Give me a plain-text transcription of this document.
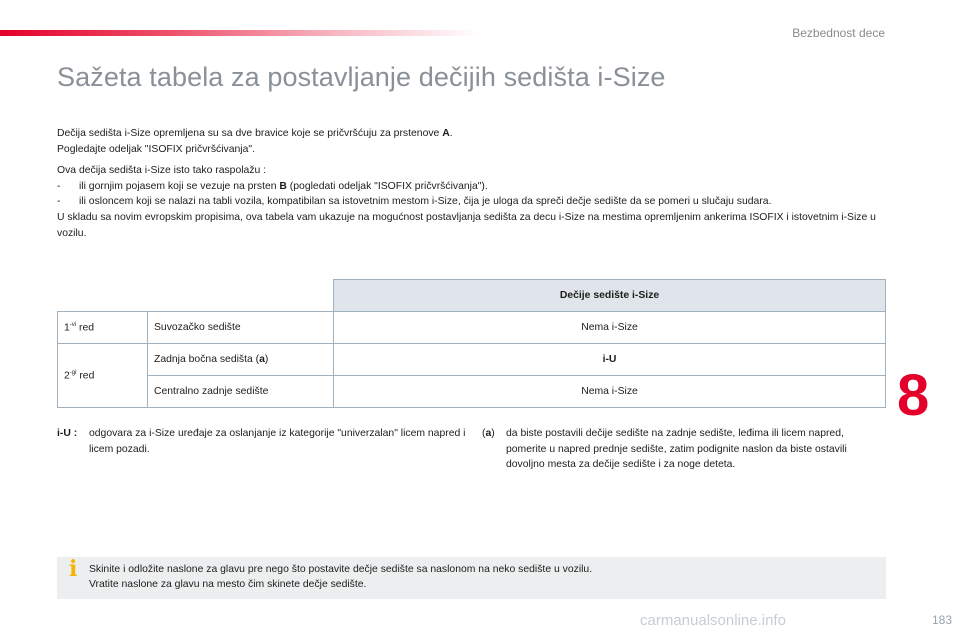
Bezbednost dece
Sažeta tabela za postavljanje dečijih sedišta i-Size

Dečija sedišta i-Size opremljena su sa dve bravice koje se pričvršćuju za prstenove A.

Pogledajte odeljak "ISOFIX pričvršćivanja".

Ova dečija sedišta i-Size isto tako raspolažu :

- ili gornjim pojasem koji se vezuje na prsten B (pogledati odeljak "ISOFIX pričvršćivanja").

- ili osloncem koji se nalazi na tabli vozila, kompatibilan sa istovetnim mestom i-Size, čija je uloga da spreči dečje sedište da se pomeri u slučaju sudara.

U skladu sa novim evropskim propisima, ova tabela vam ukazuje na mogućnost postavljanja sedišta za decu i-Size na mestima opremljenim ankerima ISOFIX i istovetnim i-Size u vozilu.

		Dečije sedište i-Size
$1^{-vi}$ red	Suvozačko sedište	Nema i-Size
$2^{-gi}$ red	Zadnja bočna sedišta (a)	i-U
	Centralno zadnje sedište	Nema i-Size
i-U :	odgovara za i-Size uređaje za oslanjanje iz kategorije "univerzalan" licem napred i licem pozadi.
(a)	da biste postavili dečije sedište na zadnje sedište, leđima ili licem napred, pomerite u napred prednje sedište, zatim podignite naslon da biste ostavili dovoljno mesta za dečije sedište i za noge deteta.
i Skinite i odložite naslone za glavu pre nego što postavite dečje sedište sa naslonom na neko sedište u vozilu.
Vratite naslone za glavu na mesto čim skinete dečje sedište.
8
carmanualsonline.info	183
